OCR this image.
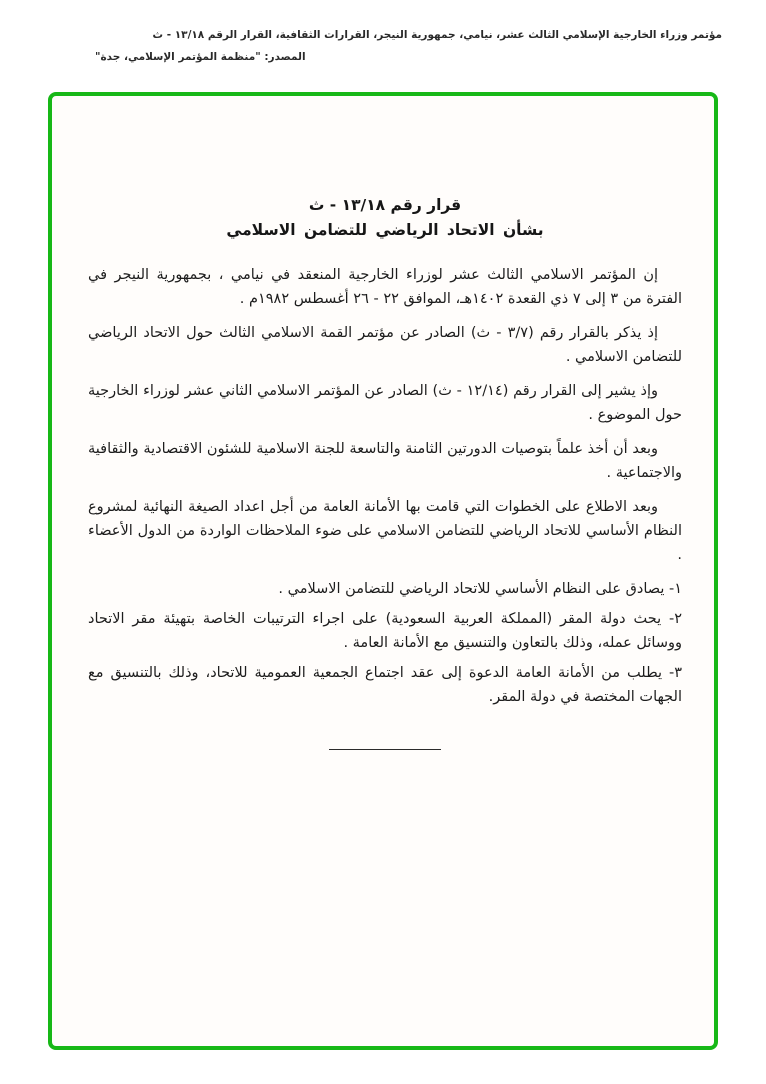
مؤتمر وزراء الخارجية الإسلامي الثالث عشر، نيامي، جمهورية النيجر، القرارات الثقافية، القرار الرقم ١٣/١٨ - ث
المصدر: "منظمة المؤتمر الإسلامي، جدة"
قرار رقم ١٣/١٨ - ث
بشأن الاتحاد الرياضي للتضامن الاسلامي

إن المؤتمر الاسلامي الثالث عشر لوزراء الخارجية المنعقد في نيامي ، بجمهورية النيجر في الفترة من ٣ إلى ٧ ذي القعدة ١٤٠٢هـ، الموافق ٢٢ - ٢٦ أغسطس ١٩٨٢م .

إذ يذكر بالقرار رقم (٣/٧ - ث) الصادر عن مؤتمر القمة الاسلامي الثالث حول الاتحاد الرياضي للتضامن الاسلامي .

وإذ يشير إلى القرار رقم (١٢/١٤ - ث) الصادر عن المؤتمر الاسلامي الثاني عشر لوزراء الخارجية حول الموضوع .

وبعد أن أخذ علماً بتوصيات الدورتين الثامنة والتاسعة للجنة الاسلامية للشئون الاقتصادية والثقافية والاجتماعية .

وبعد الاطلاع على الخطوات التي قامت بها الأمانة العامة من أجل اعداد الصيغة النهائية لمشروع النظام الأساسي للاتحاد الرياضي للتضامن الاسلامي على ضوء الملاحظات الواردة من الدول الأعضاء .

١- يصادق على النظام الأساسي للاتحاد الرياضي للتضامن الاسلامي .

٢- يحث دولة المقر (المملكة العربية السعودية) على اجراء الترتيبات الخاصة بتهيئة مقر الاتحاد ووسائل عمله، وذلك بالتعاون والتنسيق مع الأمانة العامة .

٣- يطلب من الأمانة العامة الدعوة إلى عقد اجتماع الجمعية العمومية للاتحاد، وذلك بالتنسيق مع الجهات المختصة في دولة المقر.
